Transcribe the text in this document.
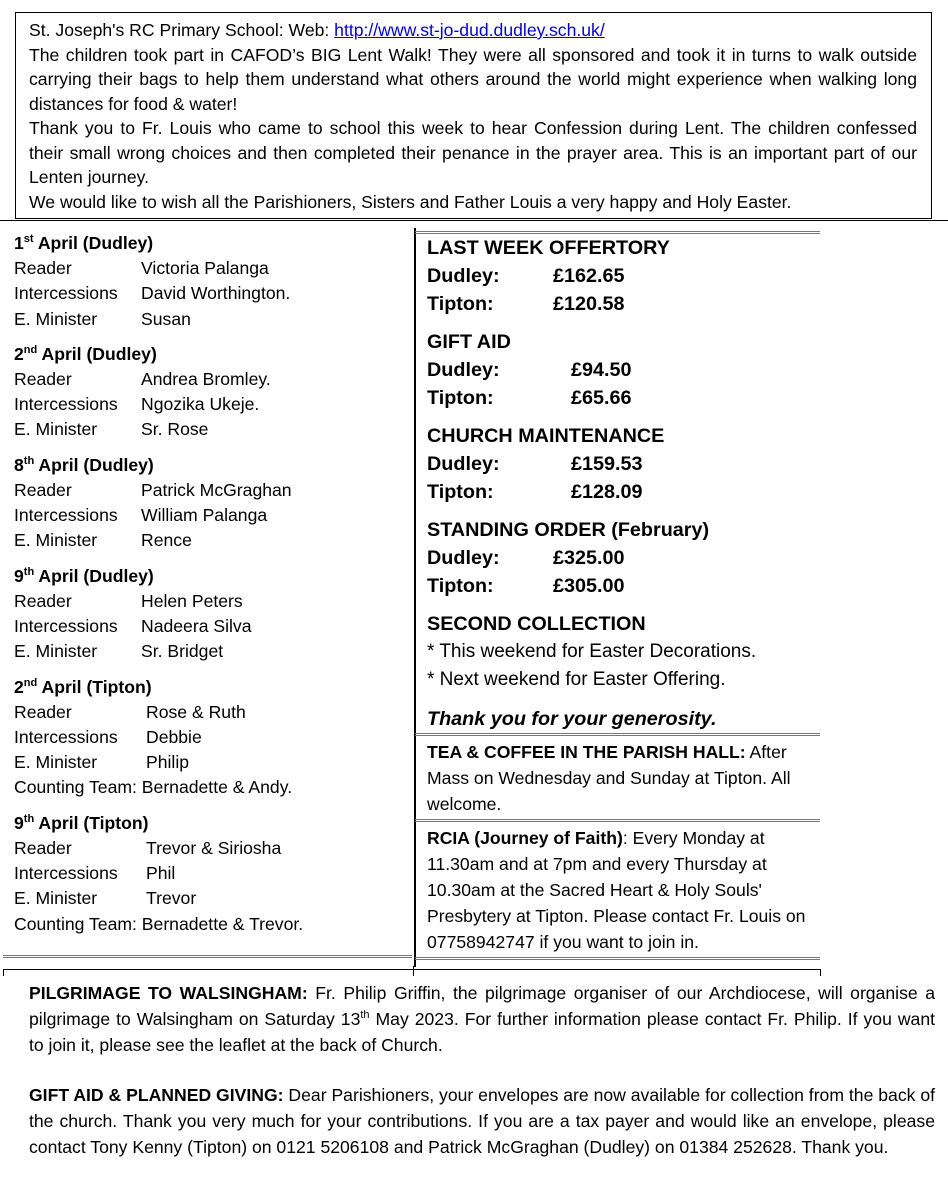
St. Joseph's RC Primary School: Web: http://www.st-jo-dud.dudley.sch.uk/

The children took part in CAFOD’s BIG Lent Walk! They were all sponsored and took it in turns to walk outside carrying their bags to help them understand what others around the world might experience when walking long distances for food & water!

Thank you to Fr. Louis who came to school this week to hear Confession during Lent. The children confessed their small wrong choices and then completed their penance in the prayer area. This is an important part of our Lenten journey.

We would like to wish all the Parishioners, Sisters and Father Louis a very happy and Holy Easter.

1st April (Dudley)
Reader	Victoria Palanga
Intercessions David Worthington.
E. Minister Susan
2nd April (Dudley)
Reader	Andrea Bromley.
Intercessions Ngozika Ukeje.
E. Minister Sr. Rose
8th April (Dudley)
Reader	Patrick McGraghan
Intercessions William Palanga
E. Minister Rence
9th April (Dudley)
Reader	Helen Peters
Intercessions Nadeera Silva
E. Minister Sr. Bridget
2nd April (Tipton)
Reader	Rose & Ruth
Intercessions Debbie
E. Minister	Philip
Counting Team: Bernadette & Andy.
9th April (Tipton)
Reader	Trevor & Siriosha
Intercessions Phil
E. Minister	Trevor
Counting Team: Bernadette & Trevor.
LAST WEEK OFFERTORY
Dudley:	£162.65
Tipton:	£120.58
GIFT AID
Dudley:	£94.50
Tipton:	£65.66
CHURCH MAINTENANCE
Dudley:	£159.53
Tipton:	£128.09
STANDING ORDER (February)
Dudley:	£325.00
Tipton:	£305.00
SECOND COLLECTION
* This weekend for Easter Decorations.
* Next weekend for Easter Offering.
Thank you for your generosity.
TEA & COFFEE IN THE PARISH HALL: After Mass on Wednesday and Sunday at Tipton. All welcome.
RCIA (Journey of Faith): Every Monday at 11.30am and at 7pm and every Thursday at 10.30am at the Sacred Heart & Holy Souls' Presbytery at Tipton. Please contact Fr. Louis on 07758942747 if you want to join in.

PILGRIMAGE TO WALSINGHAM: Fr. Philip Griffin, the pilgrimage organiser of our Archdiocese, will organise a pilgrimage to Walsingham on Saturday 13th May 2023. For further information please contact Fr. Philip. If you want to join it, please see the leaflet at the back of Church.

GIFT AID & PLANNED GIVING: Dear Parishioners, your envelopes are now available for collection from the back of the church. Thank you very much for your contributions. If you are a tax payer and would like an envelope, please contact Tony Kenny (Tipton) on 0121 5206108 and Patrick McGraghan (Dudley) on 01384 252628. Thank you.
